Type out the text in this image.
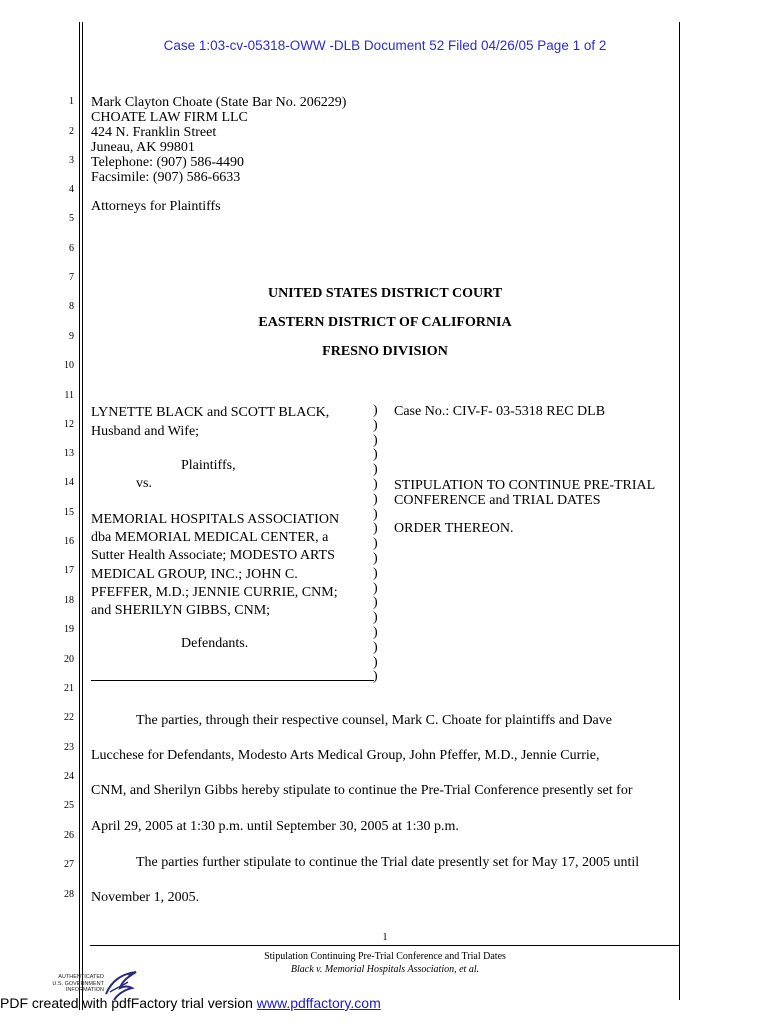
Case 1:03-cv-05318-OWW -DLB Document 52 Filed 04/26/05 Page 1 of 2
1
2
3
4
5
6
7
8
9
10
11
12
13
14
15
16
17
18
19
20
21
22
23
24
25
26
27
28
Mark Clayton Choate (State Bar No. 206229)
CHOATE LAW FIRM LLC
424 N. Franklin Street
Juneau, AK 99801
Telephone: (907) 586-4490
Facsimile: (907) 586-6633
Attorneys for Plaintiffs
UNITED STATES DISTRICT COURT
EASTERN DISTRICT OF CALIFORNIA
FRESNO DIVISION
LYNETTE BLACK and SCOTT BLACK,
Husband and Wife;
Plaintiffs,
vs.
MEMORIAL HOSPITALS ASSOCIATION
dba MEMORIAL MEDICAL CENTER, a
Sutter Health Associate; MODESTO ARTS
MEDICAL GROUP, INC.; JOHN C.
PFEFFER, M.D.; JENNIE CURRIE, CNM;
and SHERILYN GIBBS, CNM;
Defendants.
)
)
)
)
)
)
)
)
)
)
)
)
)
)
)
)
)
)
)
Case No.: CIV-F- 03-5318 REC DLB
STIPULATION TO CONTINUE PRE-TRIAL
CONFERENCE and TRIAL DATES
ORDER THEREON.
The parties, through their respective counsel, Mark C. Choate for plaintiffs and Dave
Lucchese for Defendants, Modesto Arts Medical Group, John Pfeffer, M.D., Jennie Currie,
CNM, and Sherilyn Gibbs hereby stipulate to continue the Pre-Trial Conference presently set for
April 29, 2005 at 1:30 p.m. until September 30, 2005 at 1:30 p.m.
The parties further stipulate to continue the Trial date presently set for May 17, 2005 until
November 1, 2005.
1
Stipulation Continuing Pre-Trial Conference and Trial Dates
Black v. Memorial Hospitals Association, et al.
AUTHENTICATED
U.S. GOVERNMENT
INFORMATION
PDF created with pdfFactory trial version www.pdffactory.com
